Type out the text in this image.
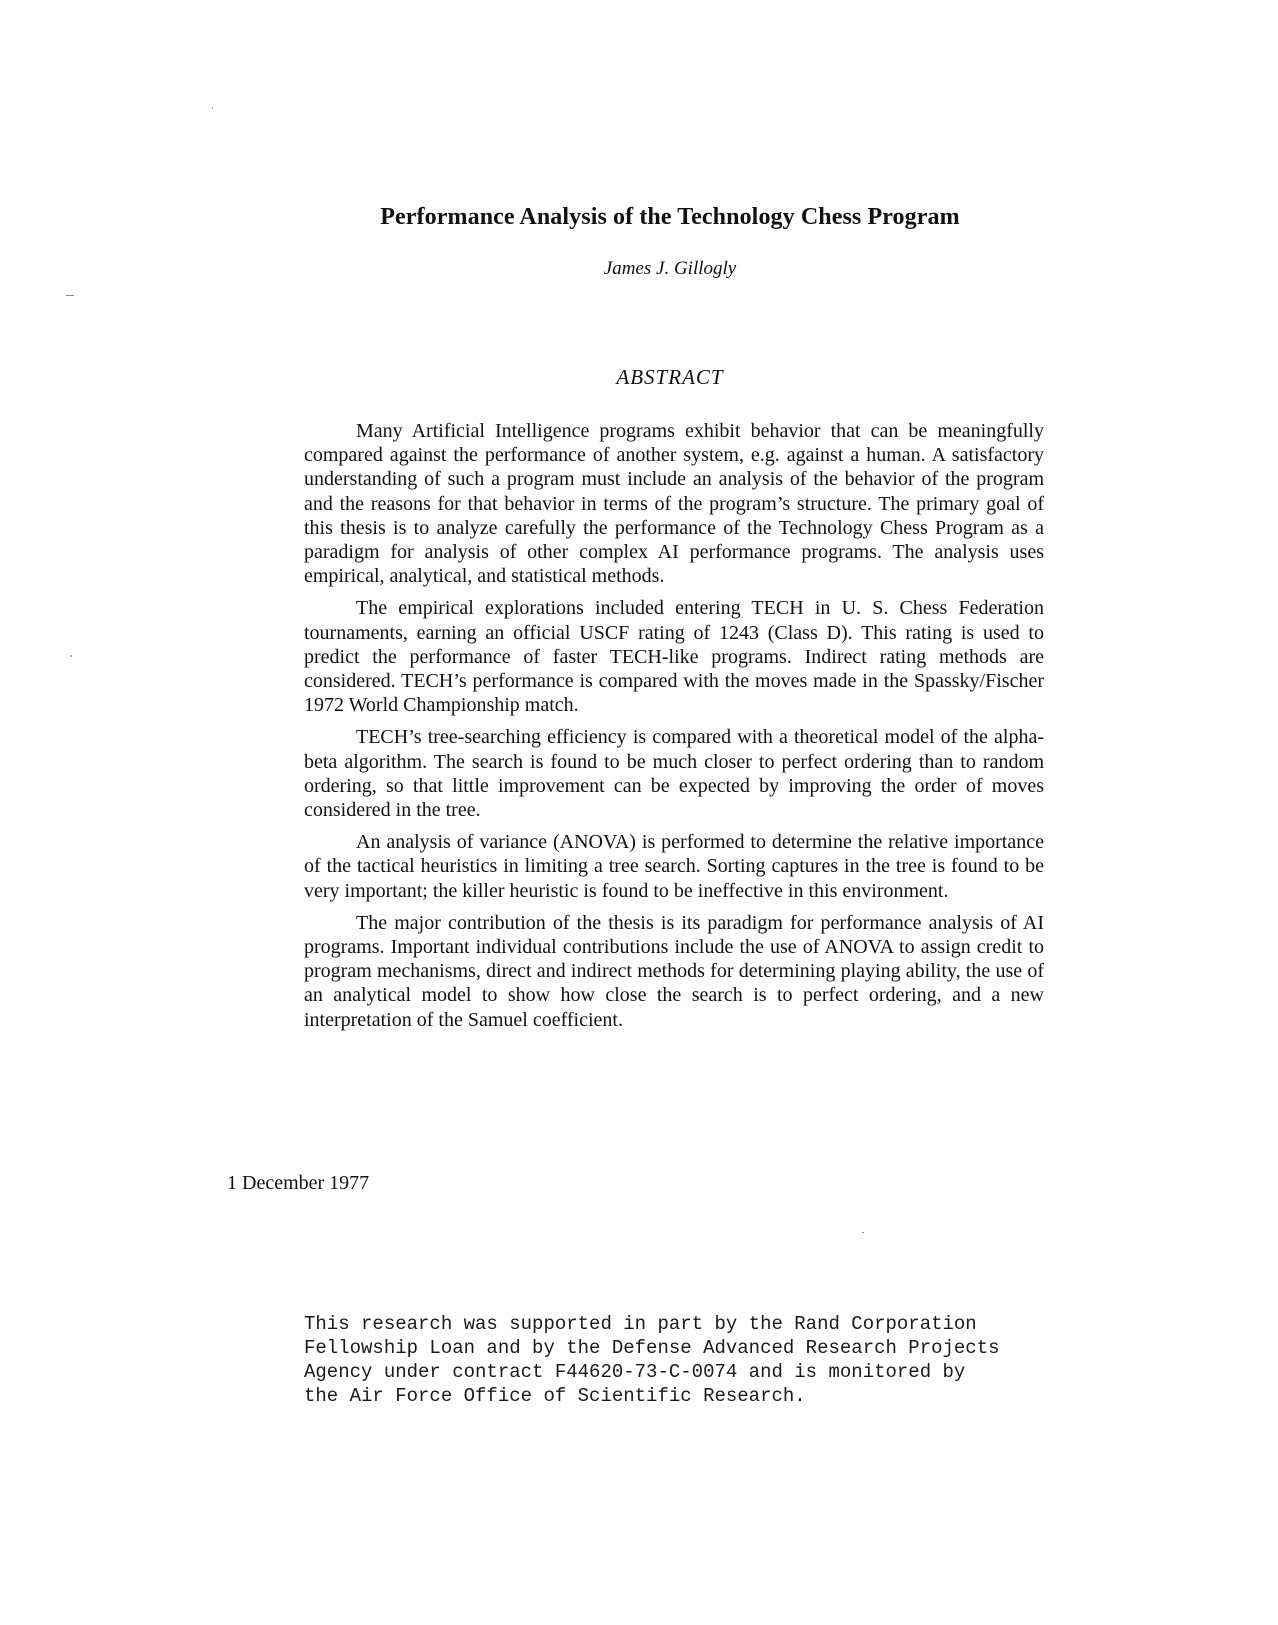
Performance Analysis of the Technology Chess Program
James J. Gillogly
ABSTRACT

Many Artificial Intelligence programs exhibit behavior that can be meaningfully compared against the performance of another system, e.g. against a human. A satisfactory understanding of such a program must include an analysis of the behavior of the program and the reasons for that behavior in terms of the program’s structure. The primary goal of this thesis is to analyze carefully the performance of the Technology Chess Program as a paradigm for analysis of other complex AI performance programs. The analysis uses empirical, analytical, and statistical methods.

The empirical explorations included entering TECH in U. S. Chess Federation tournaments, earning an official USCF rating of 1243 (Class D). This rating is used to predict the performance of faster TECH-like programs. Indirect rating methods are considered. TECH’s performance is compared with the moves made in the Spassky/Fischer 1972 World Championship match.

TECH’s tree-searching efficiency is compared with a theoretical model of the alpha-beta algorithm. The search is found to be much closer to perfect ordering than to random ordering, so that little improvement can be expected by improving the order of moves considered in the tree.

An analysis of variance (ANOVA) is performed to determine the relative importance of the tactical heuristics in limiting a tree search. Sorting captures in the tree is found to be very important; the killer heuristic is found to be ineffective in this environment.

The major contribution of the thesis is its paradigm for performance analysis of AI programs. Important individual contributions include the use of ANOVA to assign credit to program mechanisms, direct and indirect methods for determining playing ability, the use of an analytical model to show how close the search is to perfect ordering, and a new interpretation of the Samuel coefficient.

1 December 1977
This research was supported in part by the Rand Corporation
Fellowship Loan and by the Defense Advanced Research Projects
Agency under contract F44620-73-C-0074 and is monitored by
the Air Force Office of Scientific Research.
